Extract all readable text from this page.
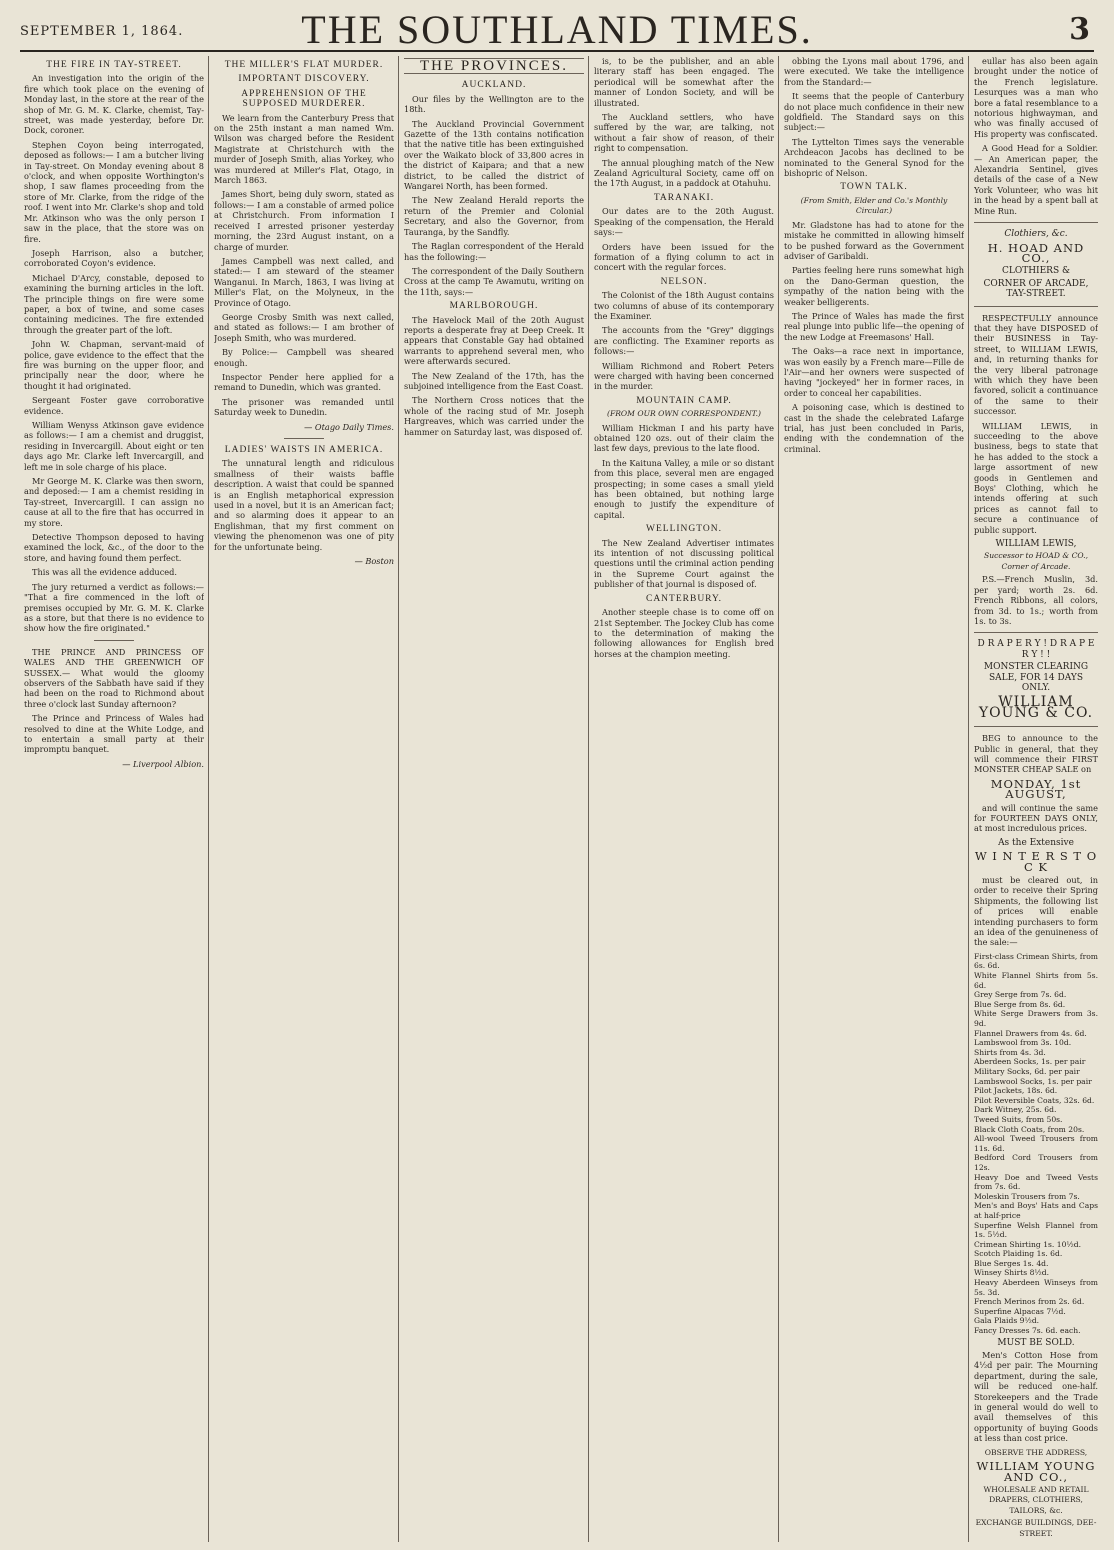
SEPTEMBER 1, 1864.	THE SOUTHLAND TIMES.	3
THE FIRE IN TAY-STREET.

An investigation into the origin of the fire which took place on the evening of Monday last, in the store at the rear of the shop of Mr. G. M. K. Clarke, chemist, Tay-street, was made yesterday, before Dr. Dock, coroner.

Stephen Coyon being interrogated, deposed as follows:— I am a butcher living in Tay-street. On Monday evening about 8 o'clock, and when opposite Worthington's shop, I saw flames proceeding from the store of Mr. Clarke, from the ridge of the roof. I went into Mr. Clarke's shop and told Mr. Atkinson who was the only person I saw in the place, that the store was on fire.

Joseph Harrison, also a butcher, corroborated Coyon's evidence.

Michael D'Arcy, constable, deposed to examining the burning articles in the loft. The principle things on fire were some paper, a box of twine, and some cases containing medicines. The fire extended through the greater part of the loft.

John W. Chapman, servant-maid of police, gave evidence to the effect that the fire was burning on the upper floor, and principally near the door, where he thought it had originated.

Sergeant Foster gave corroborative evidence.

William Wenyss Atkinson gave evidence as follows:— I am a chemist and druggist, residing in Invercargill. About eight or ten days ago Mr. Clarke left Invercargill, and left me in sole charge of his place.

Mr George M. K. Clarke was then sworn, and deposed:— I am a chemist residing in Tay-street, Invercargill. I can assign no cause at all to the fire that has occurred in my store.

Detective Thompson deposed to having examined the lock, &c., of the door to the store, and having found them perfect.

This was all the evidence adduced.

The jury returned a verdict as follows:— "That a fire commenced in the loft of premises occupied by Mr. G. M. K. Clarke as a store, but that there is no evidence to show how the fire originated."

THE PRINCE AND PRINCESS OF WALES AND THE GREENWICH OF SUSSEX.— What would the gloomy observers of the Sabbath have said if they had been on the road to Richmond about three o'clock last Sunday afternoon?

The Prince and Princess of Wales had resolved to dine at the White Lodge, and to entertain a small party at their impromptu banquet.

— Liverpool Albion.

THE MILLER'S FLAT MURDER.
IMPORTANT DISCOVERY.
APPREHENSION OF THE SUPPOSED MURDERER.

We learn from the Canterbury Press that on the 25th instant a man named Wm. Wilson was charged before the Resident Magistrate at Christchurch with the murder of Joseph Smith, alias Yorkey, who was murdered at Miller's Flat, Otago, in March 1863.

James Short, being duly sworn, stated as follows:— I am a constable of armed police at Christchurch. From information I received I arrested prisoner yesterday morning, the 23rd August instant, on a charge of murder.

James Campbell was next called, and stated:— I am steward of the steamer Wanganui. In March, 1863, I was living at Miller's Flat, on the Molyneux, in the Province of Otago.

George Crosby Smith was next called, and stated as follows:— I am brother of Joseph Smith, who was murdered.

By Police:— Campbell was sheared enough.

Inspector Pender here applied for a remand to Dunedin, which was granted.

The prisoner was remanded until Saturday week to Dunedin.

— Otago Daily Times.

LADIES' WAISTS IN AMERICA.

The unnatural length and ridiculous smallness of their waists baffle description. A waist that could be spanned is an English metaphorical expression used in a novel, but it is an American fact; and so alarming does it appear to an Englishman, that my first comment on viewing the phenomenon was one of pity for the unfortunate being.

— Boston

THE PROVINCES.
AUCKLAND.

Our files by the Wellington are to the 18th.

The Auckland Provincial Government Gazette of the 13th contains notification that the native title has been extinguished over the Waikato block of 33,800 acres in the district of Kaipara; and that a new district, to be called the district of Wangarei North, has been formed.

The New Zealand Herald reports the return of the Premier and Colonial Secretary, and also the Governor, from Tauranga, by the Sandfly.

The Raglan correspondent of the Herald has the following:—

The correspondent of the Daily Southern Cross at the camp Te Awamutu, writing on the 11th, says:—

MARLBOROUGH.

The Havelock Mail of the 20th August reports a desperate fray at Deep Creek. It appears that Constable Gay had obtained warrants to apprehend several men, who were afterwards secured.

The New Zealand of the 17th, has the subjoined intelligence from the East Coast.

The Northern Cross notices that the whole of the racing stud of Mr. Joseph Hargreaves, which was carried under the hammer on Saturday last, was disposed of.

is, to be the publisher, and an able literary staff has been engaged. The periodical will be somewhat after the manner of London Society, and will be illustrated.

The Auckland settlers, who have suffered by the war, are talking, not without a fair show of reason, of their right to compensation.

The annual ploughing match of the New Zealand Agricultural Society, came off on the 17th August, in a paddock at Otahuhu.

TARANAKI.

Our dates are to the 20th August. Speaking of the compensation, the Herald says:—

Orders have been issued for the formation of a flying column to act in concert with the regular forces.

NELSON.

The Colonist of the 18th August contains two columns of abuse of its contemporary the Examiner.

The accounts from the "Grey" diggings are conflicting. The Examiner reports as follows:—

William Richmond and Robert Peters were charged with having been concerned in the murder.

MOUNTAIN CAMP.
(FROM OUR OWN CORRESPONDENT.)

William Hickman I and his party have obtained 120 ozs. out of their claim the last few days, previous to the late flood.

In the Kaituna Valley, a mile or so distant from this place, several men are engaged prospecting; in some cases a small yield has been obtained, but nothing large enough to justify the expenditure of capital.

WELLINGTON.

The New Zealand Advertiser intimates its intention of not discussing political questions until the criminal action pending in the Supreme Court against the publisher of that journal is disposed of.

CANTERBURY.

Another steeple chase is to come off on 21st September. The Jockey Club has come to the determination of making the following allowances for English bred horses at the champion meeting.

obbing the Lyons mail about 1796, and were executed. We take the intelligence from the Standard:—

It seems that the people of Canterbury do not place much confidence in their new goldfield. The Standard says on this subject:—

The Lyttelton Times says the venerable Archdeacon Jacobs has declined to be nominated to the General Synod for the bishopric of Nelson.

TOWN TALK.
(From Smith, Elder and Co.'s Monthly Circular.)

Mr. Gladstone has had to atone for the mistake he committed in allowing himself to be pushed forward as the Government adviser of Garibaldi.

Parties feeling here runs somewhat high on the Dano-German question, the sympathy of the nation being with the weaker belligerents.

The Prince of Wales has made the first real plunge into public life—the opening of the new Lodge at Freemasons' Hall.

The Oaks—a race next in importance, was won easily by a French mare—Fille de l'Air—and her owners were suspected of having "jockeyed" her in former races, in order to conceal her capabilities.

A poisoning case, which is destined to cast in the shade the celebrated Lafarge trial, has just been concluded in Paris, ending with the condemnation of the criminal.

eullar has also been again brought under the notice of the French legislature. Lesurques was a man who bore a fatal resemblance to a notorious highwayman, and who was finally accused of His property was confiscated.

A Good Head for a Soldier.— An American paper, the Alexandria Sentinel, gives details of the case of a New York Volunteer, who was hit in the head by a spent ball at Mine Run.

Clothiers, &c.
H. HOAD AND CO.,
CLOTHIERS &
CORNER OF ARCADE, TAY-STREET.

RESPECTFULLY announce that they have DISPOSED of their BUSINESS in Tay-street, to WILLIAM LEWIS, and, in returning thanks for the very liberal patronage with which they have been favored, solicit a continuance of the same to their successor.

WILLIAM LEWIS, in succeeding to the above business, begs to state that he has added to the stock a large assortment of new goods in Gentlemen and Boys' Clothing, which he intends offering at such prices as cannot fail to secure a continuance of public support.

WILLIAM LEWIS,
Successor to HOAD & CO., Corner of Arcade.

P.S.—French Muslin, 3d. per yard; worth 2s. 6d. French Ribbons, all colors, from 3d. to 1s.; worth from 1s. to 3s.

D R A P E R Y ! D R A P E R Y ! !
MONSTER CLEARING SALE, FOR 14 DAYS ONLY.
WILLIAM YOUNG & CO.

BEG to announce to the Public in general, that they will commence their FIRST MONSTER CHEAP SALE on

MONDAY, 1st AUGUST,

and will continue the same for FOURTEEN DAYS ONLY, at most incredulous prices.

As the Extensive
W I N T E R S T O C K

must be cleared out, in order to receive their Spring Shipments, the following list of prices will enable intending purchasers to form an idea of the genuineness of the sale:—

First-class Crimean Shirts, from 6s. 6d.
White Flannel Shirts from 5s. 6d.
Grey Serge from 7s. 6d.
Blue Serge from 8s. 6d.
White Serge Drawers from 3s. 9d.
Flannel Drawers from 4s. 6d.
Lambswool from 3s. 10d.
Shirts from 4s. 3d.
Aberdeen Socks, 1s. per pair
Military Socks, 6d. per pair
Lambswool Socks, 1s. per pair
Pilot Jackets, 18s. 6d.
Pilot Reversible Coats, 32s. 6d.
Dark Witney, 25s. 6d.
Tweed Suits, from 50s.
Black Cloth Coats, from 20s.
All-wool Tweed Trousers from 11s. 6d.
Bedford Cord Trousers from 12s.
Heavy Doe and Tweed Vests from 7s. 6d.
Moleskin Trousers from 7s.
Men's and Boys' Hats and Caps at half-price
Superfine Welsh Flannel from 1s. 5½d.
Crimean Shirting 1s. 10½d.
Scotch Plaiding 1s. 6d.
Blue Serges 1s. 4d.
Winsey Shirts 8½d.
Heavy Aberdeen Winseys from 5s. 3d.
French Merinos from 2s. 6d.
Superfine Alpacas 7½d.
Gala Plaids 9½d.
Fancy Dresses 7s. 6d. each.
MUST BE SOLD.

Men's Cotton Hose from 4½d per pair. The Mourning department, during the sale, will be reduced one-half. Storekeepers and the Trade in general would do well to avail themselves of this opportunity of buying Goods at less than cost price.

OBSERVE THE ADDRESS,
WILLIAM YOUNG AND CO.,
WHOLESALE AND RETAIL DRAPERS, CLOTHIERS, TAILORS, &c.
EXCHANGE BUILDINGS, DEE-STREET.
